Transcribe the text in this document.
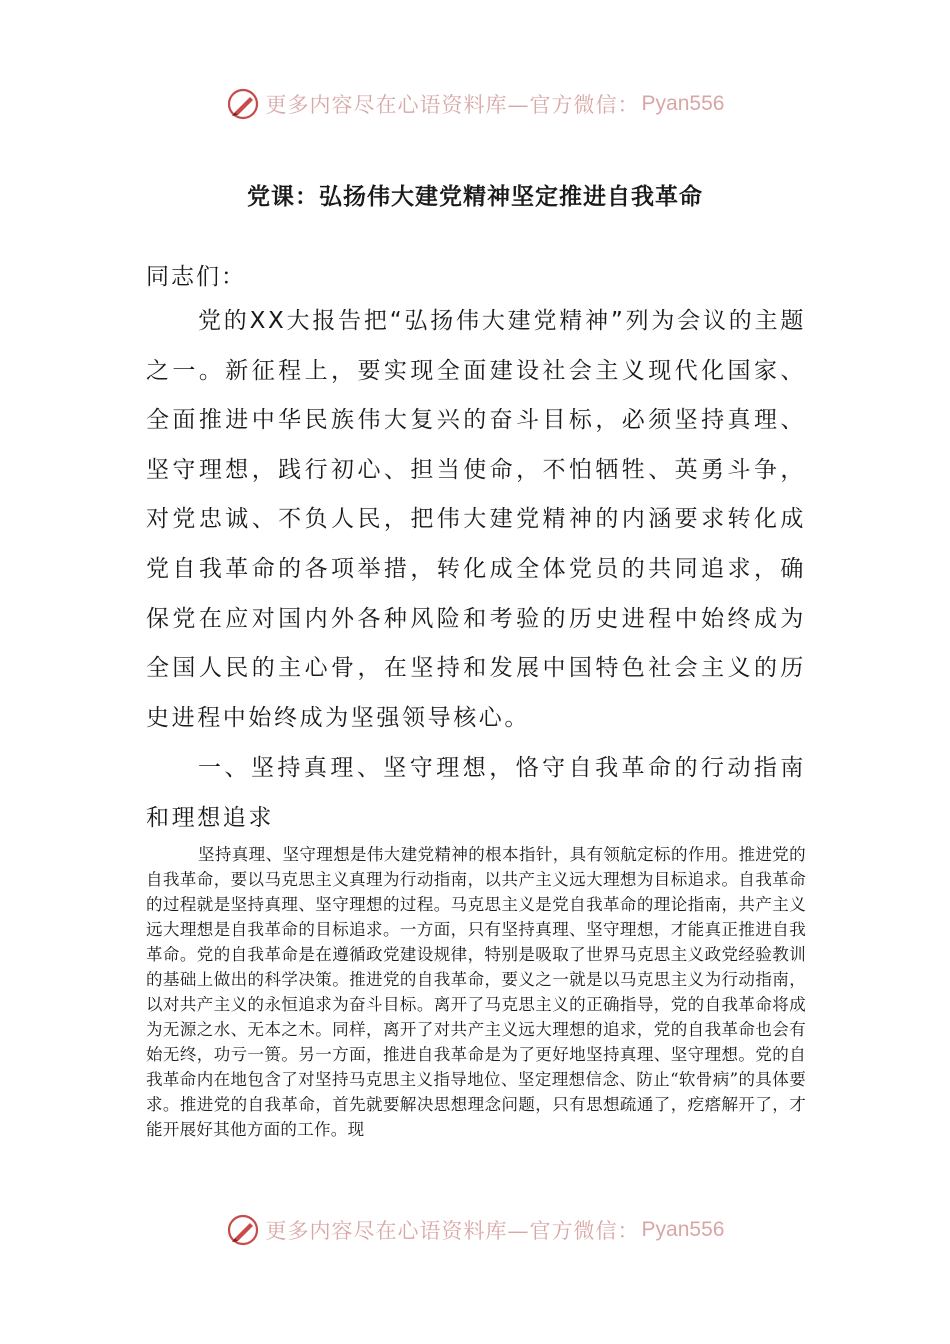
更多内容尽在心语资料库—官方微信： Pyan556
党课：弘扬伟大建党精神坚定推进自我革命
同志们：

党的XX大报告把“弘扬伟大建党精神”列为会议的主题之一。新征程上，要实现全面建设社会主义现代化国家、全面推进中华民族伟大复兴的奋斗目标，必须坚持真理、坚守理想，践行初心、担当使命，不怕牺牲、英勇斗争，对党忠诚、不负人民，把伟大建党精神的内涵要求转化成党自我革命的各项举措，转化成全体党员的共同追求，确保党在应对国内外各种风险和考验的历史进程中始终成为全国人民的主心骨，在坚持和发展中国特色社会主义的历史进程中始终成为坚强领导核心。

一、坚持真理、坚守理想，恪守自我革命的行动指南和理想追求

坚持真理、坚守理想是伟大建党精神的根本指针，具有领航定标的作用。推进党的自我革命，要以马克思主义真理为行动指南，以共产主义远大理想为目标追求。自我革命的过程就是坚持真理、坚守理想的过程。马克思主义是党自我革命的理论指南，共产主义远大理想是自我革命的目标追求。一方面，只有坚持真理、坚守理想，才能真正推进自我革命。党的自我革命是在遵循政党建设规律，特别是吸取了世界马克思主义政党经验教训的基础上做出的科学决策。推进党的自我革命，要义之一就是以马克思主义为行动指南，以对共产主义的永恒追求为奋斗目标。离开了马克思主义的正确指导，党的自我革命将成为无源之水、无本之木。同样，离开了对共产主义远大理想的追求，党的自我革命也会有始无终，功亏一篑。另一方面，推进自我革命是为了更好地坚持真理、坚守理想。党的自我革命内在地包含了对坚持马克思主义指导地位、坚定理想信念、防止“软骨病”的具体要求。推进党的自我革命，首先就要解决思想理念问题，只有思想疏通了，疙瘩解开了，才能开展好其他方面的工作。现

更多内容尽在心语资料库—官方微信： Pyan556
